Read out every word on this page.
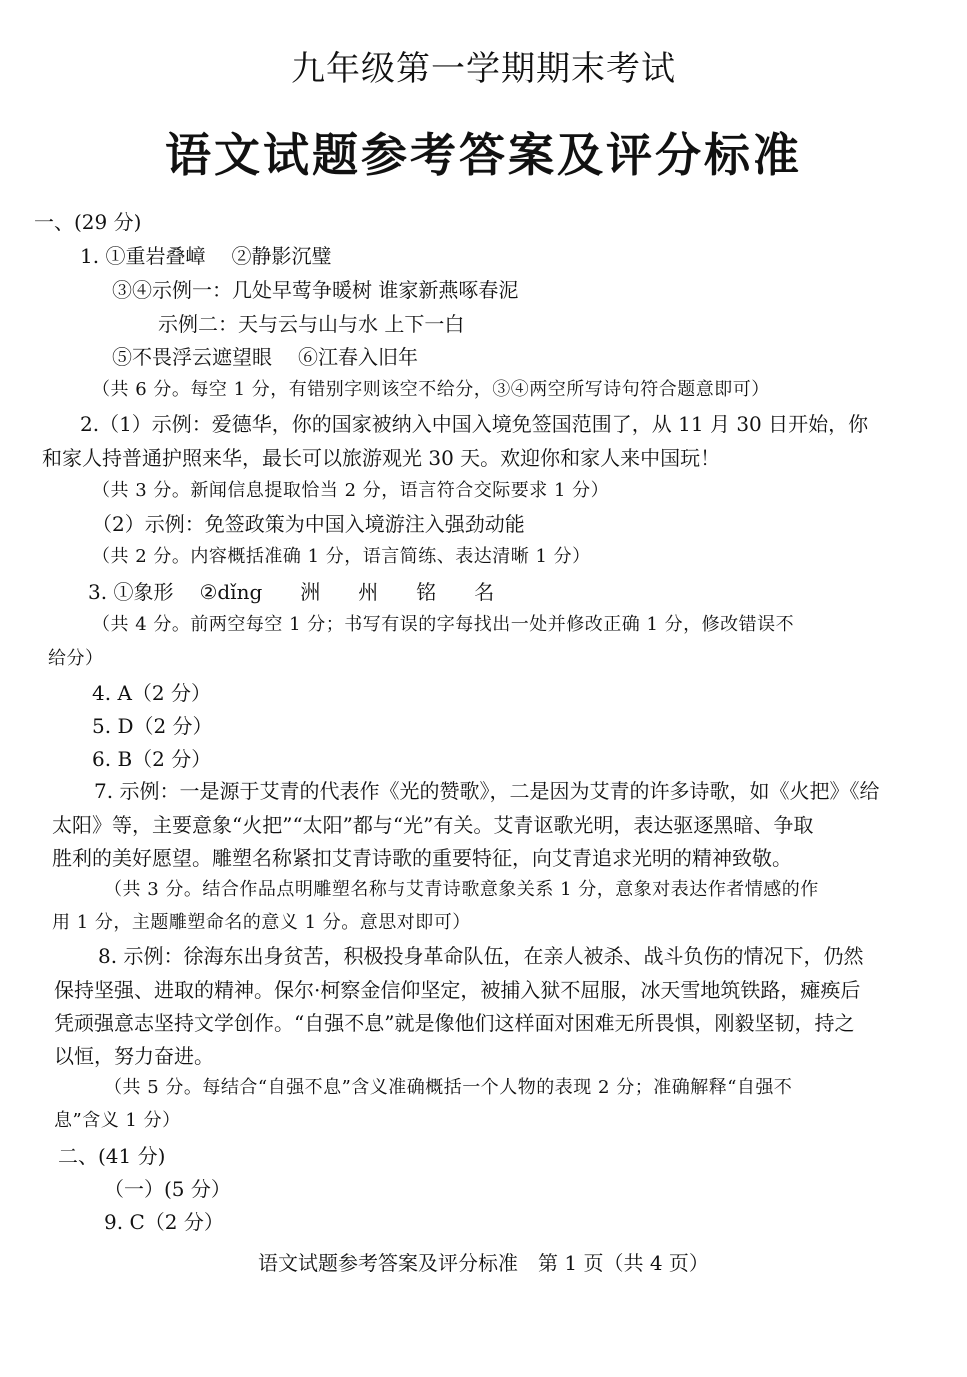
九年级第一学期期末考试

语文试题参考答案及评分标准

一、(29 分)

1. ①重岩叠嶂 ②静影沉璧

③④示例一：几处早莺争暖树 谁家新燕啄春泥

示例二：天与云与山与水 上下一白

⑤不畏浮云遮望眼 ⑥江春入旧年

（共 6 分。每空 1 分，有错别字则该空不给分，③④两空所写诗句符合题意即可）

2.（1）示例：爱德华，你的国家被纳入中国入境免签国范围了，从 11 月 30 日开始，你

和家人持普通护照来华，最长可以旅游观光 30 天。欢迎你和家人来中国玩！

（共 3 分。新闻信息提取恰当 2 分，语言符合交际要求 1 分）

（2）示例：免签政策为中国入境游注入强劲动能

（共 2 分。内容概括准确 1 分，语言简练、表达清晰 1 分）

3. ①象形 ②dǐng 洲 州 铭 名

（共 4 分。前两空每空 1 分；书写有误的字每找出一处并修改正确 1 分，修改错误不

给分）

4. A（2 分）

5. D（2 分）

6. B（2 分）

7. 示例：一是源于艾青的代表作《光的赞歌》，二是因为艾青的许多诗歌，如《火把》《给

太阳》等，主要意象“火把”“太阳”都与“光”有关。艾青讴歌光明，表达驱逐黑暗、争取

胜利的美好愿望。雕塑名称紧扣艾青诗歌的重要特征，向艾青追求光明的精神致敬。

（共 3 分。结合作品点明雕塑名称与艾青诗歌意象关系 1 分，意象对表达作者情感的作

用 1 分，主题雕塑命名的意义 1 分。意思对即可）

8. 示例：徐海东出身贫苦，积极投身革命队伍，在亲人被杀、战斗负伤的情况下，仍然

保持坚强、进取的精神。保尔·柯察金信仰坚定，被捕入狱不屈服，冰天雪地筑铁路，瘫痪后

凭顽强意志坚持文学创作。“自强不息”就是像他们这样面对困难无所畏惧，刚毅坚韧，持之

以恒，努力奋进。

（共 5 分。每结合“自强不息”含义准确概括一个人物的表现 2 分；准确解释“自强不

息”含义 1 分）

二、(41 分)

（一）(5 分）

9. C（2 分）

语文试题参考答案及评分标准　第 1 页（共 4 页）
